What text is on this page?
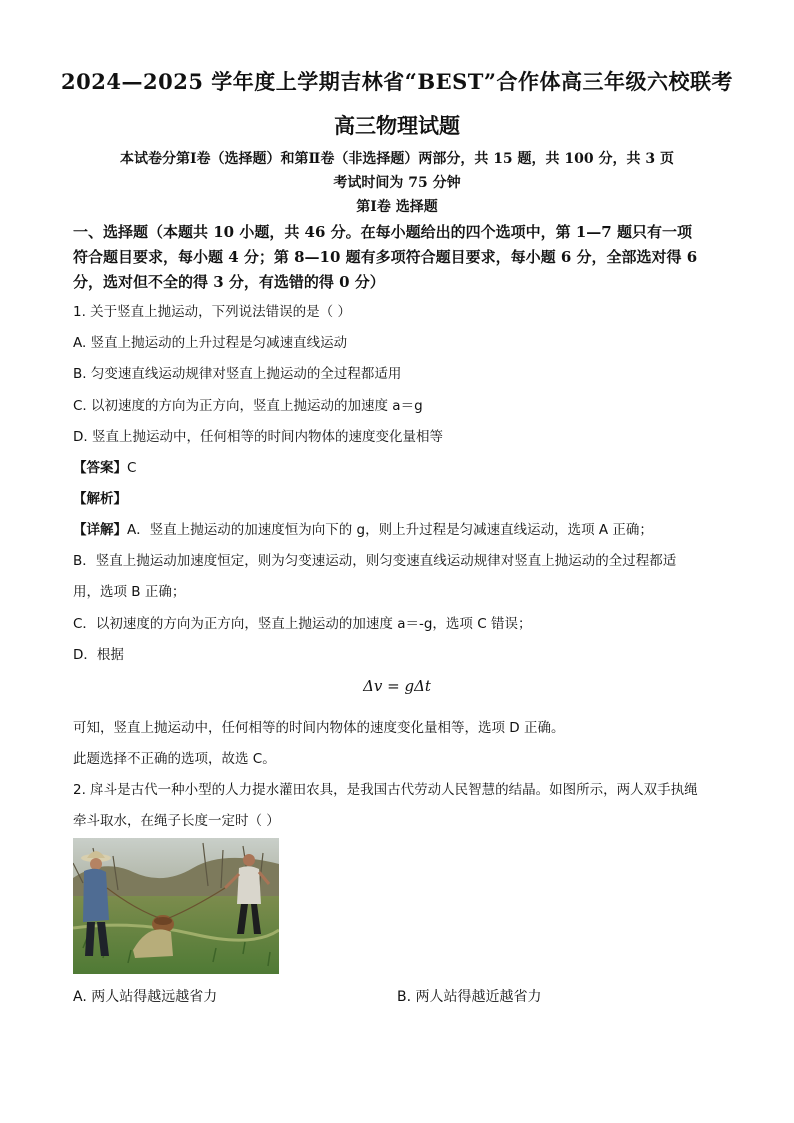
2024—2025 学年度上学期吉林省“BEST”合作体高三年级六校联考
高三物理试题
本试卷分第Ⅰ卷（选择题）和第Ⅱ卷（非选择题）两部分，共 15 题，共 100 分，共 3 页
考试时间为 75 分钟
第Ⅰ卷 选择题
一、选择题（本题共 10 小题，共 46 分。在每小题给出的四个选项中，第 1—7 题只有一项
符合题目要求，每小题 4 分；第 8—10 题有多项符合题目要求，每小题 6 分，全部选对得 6
分，选对但不全的得 3 分，有选错的得 0 分）
1. 关于竖直上抛运动，下列说法错误的是（ ）
A. 竖直上抛运动的上升过程是匀减速直线运动
B. 匀变速直线运动规律对竖直上抛运动的全过程都适用
C. 以初速度的方向为正方向，竖直上抛运动的加速度 a＝g
D. 竖直上抛运动中，任何相等的时间内物体的速度变化量相等
【答案】C
【解析】
【详解】A．竖直上抛运动的加速度恒为向下的 g，则上升过程是匀减速直线运动，选项 A 正确；
B．竖直上抛运动加速度恒定，则为匀变速运动，则匀变速直线运动规律对竖直上抛运动的全过程都适
用，选项 B 正确；
C．以初速度的方向为正方向，竖直上抛运动的加速度 a＝-g，选项 C 错误；
D．根据
Δv = gΔt
可知，竖直上抛运动中，任何相等的时间内物体的速度变化量相等，选项 D 正确。
此题选择不正确的选项，故选 C。
2. 戽斗是古代一种小型的人力提水灌田农具，是我国古代劳动人民智慧的结晶。如图所示，两人双手执绳
牵斗取水，在绳子长度一定时（ ）
A. 两人站得越远越省力	B. 两人站得越近越省力
